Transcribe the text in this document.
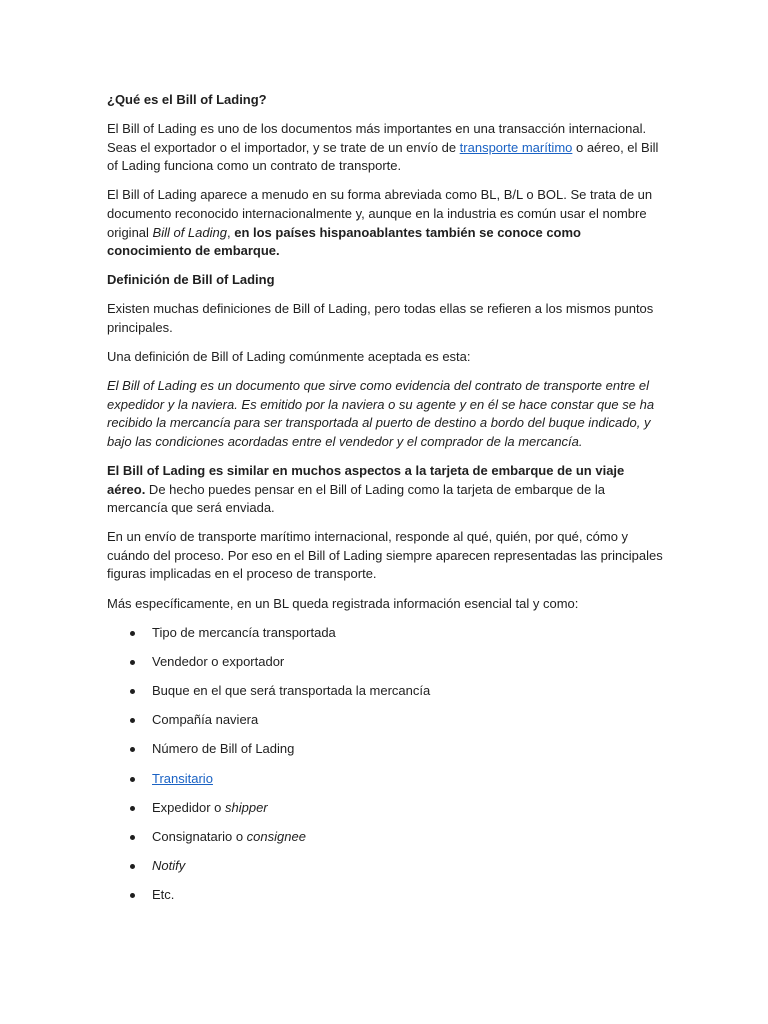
¿Qué es el Bill of Lading?

El Bill of Lading es uno de los documentos más importantes en una transacción internacional. Seas el exportador o el importador, y se trate de un envío de transporte marítimo o aéreo, el Bill of Lading funciona como un contrato de transporte.

El Bill of Lading aparece a menudo en su forma abreviada como BL, B/L o BOL. Se trata de un documento reconocido internacionalmente y, aunque en la industria es común usar el nombre original Bill of Lading, en los países hispanoablantes también se conoce como conocimiento de embarque.

Definición de Bill of Lading

Existen muchas definiciones de Bill of Lading, pero todas ellas se refieren a los mismos puntos principales.

Una definición de Bill of Lading comúnmente aceptada es esta:

El Bill of Lading es un documento que sirve como evidencia del contrato de transporte entre el expedidor y la naviera. Es emitido por la naviera o su agente y en él se hace constar que se ha recibido la mercancía para ser transportada al puerto de destino a bordo del buque indicado, y bajo las condiciones acordadas entre el vendedor y el comprador de la mercancía.

El Bill of Lading es similar en muchos aspectos a la tarjeta de embarque de un viaje aéreo. De hecho puedes pensar en el Bill of Lading como la tarjeta de embarque de la mercancía que será enviada.

En un envío de transporte marítimo internacional, responde al qué, quién, por qué, cómo y cuándo del proceso. Por eso en el Bill of Lading siempre aparecen representadas las principales figuras implicadas en el proceso de transporte.

Más específicamente, en un BL queda registrada información esencial tal y como:

Tipo de mercancía transportada
Vendedor o exportador
Buque en el que será transportada la mercancía
Compañía naviera
Número de Bill of Lading
Transitario
Expedidor o shipper
Consignatario o consignee
Notify
Etc.
